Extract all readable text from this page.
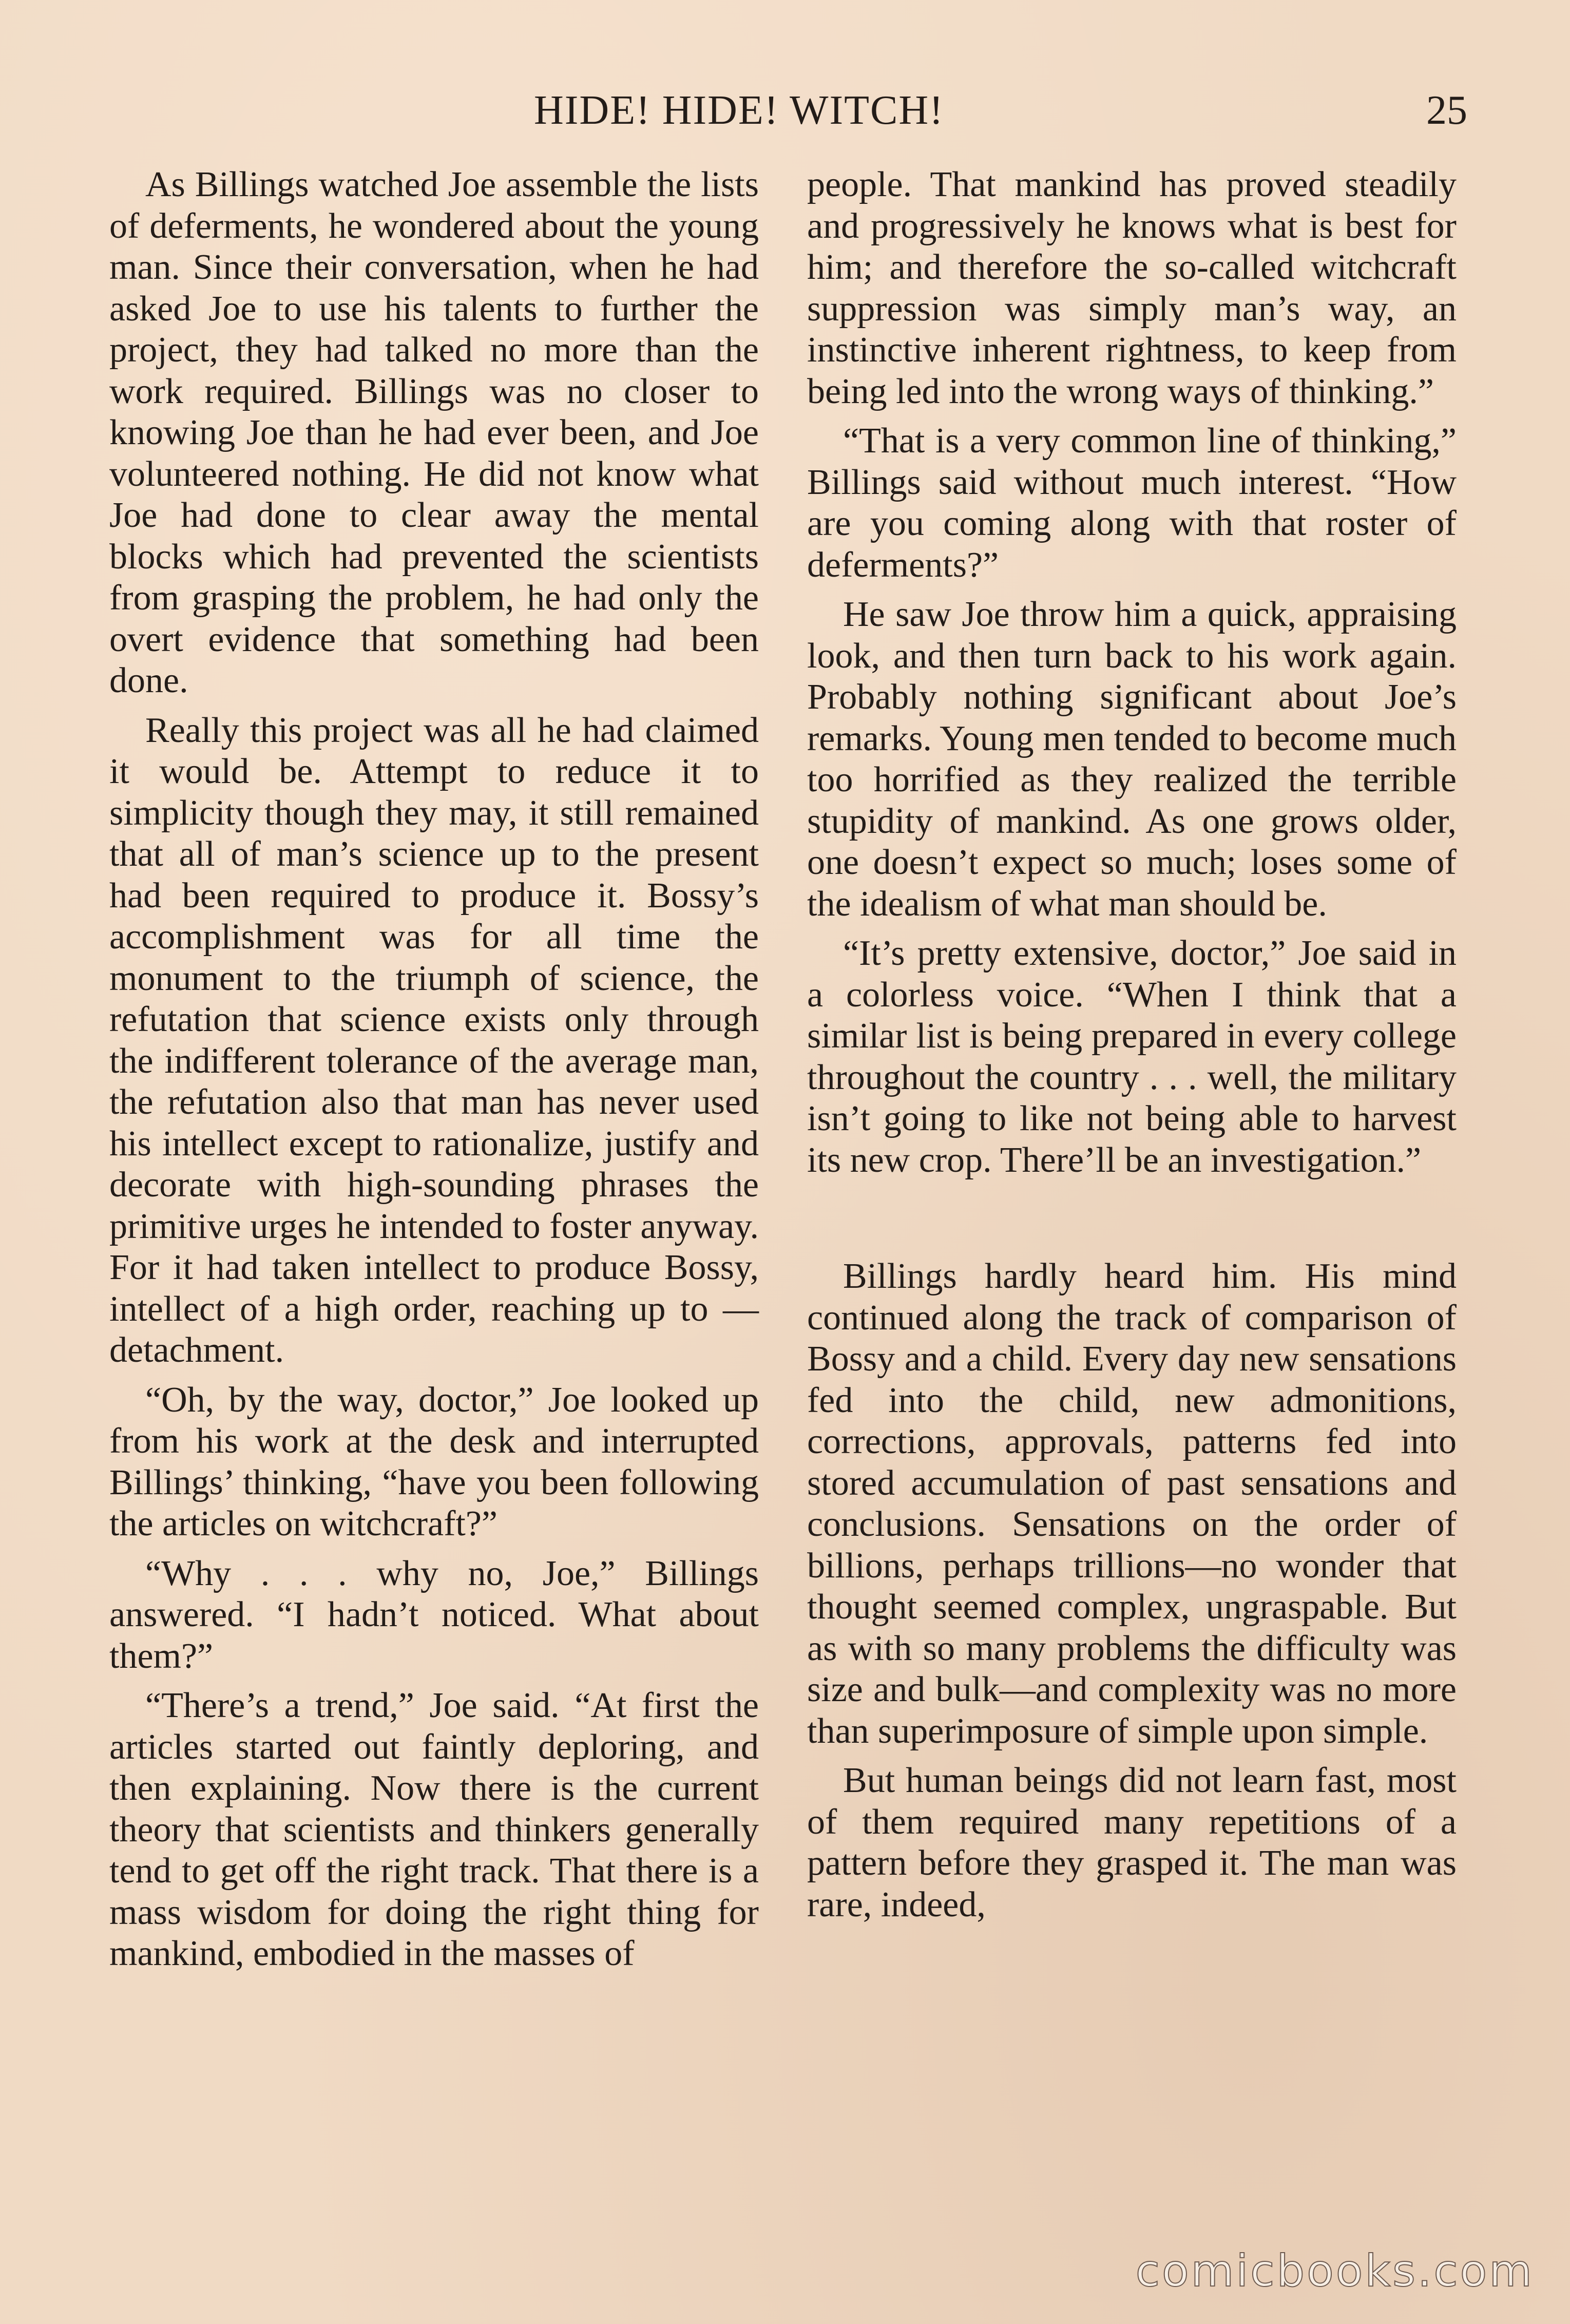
HIDE! HIDE! WITCH!	25

As Billings watched Joe assemble the lists of deferments, he wondered about the young man. Since their conversation, when he had asked Joe to use his talents to further the project, they had talked no more than the work required. Billings was no closer to knowing Joe than he had ever been, and Joe volunteered nothing. He did not know what Joe had done to clear away the mental blocks which had prevented the scientists from grasping the problem, he had only the overt evidence that something had been done.

Really this project was all he had claimed it would be. Attempt to reduce it to simplicity though they may, it still remained that all of man’s science up to the present had been required to produce it. Bossy’s accomplishment was for all time the monument to the triumph of science, the refutation that science exists only through the indifferent tolerance of the average man, the refutation also that man has never used his intellect except to rationalize, justify and decorate with high-sounding phrases the primitive urges he intended to foster anyway. For it had taken intellect to produce Bossy, intellect of a high order, reaching up to —detachment.

“Oh, by the way, doctor,” Joe looked up from his work at the desk and interrupted Billings’ thinking, “have you been following the articles on witchcraft?”

“Why . . . why no, Joe,” Billings answered. “I hadn’t noticed. What about them?”

“There’s a trend,” Joe said. “At first the articles started out faintly deploring, and then explaining. Now there is the current theory that scientists and thinkers generally tend to get off the right track. That there is a mass wisdom for doing the right thing for mankind, embodied in the masses of

people. That mankind has proved steadily and progressively he knows what is best for him; and therefore the so-called witchcraft suppression was simply man’s way, an instinctive inherent rightness, to keep from being led into the wrong ways of thinking.”

“That is a very common line of thinking,” Billings said without much interest. “How are you coming along with that roster of deferments?”

He saw Joe throw him a quick, appraising look, and then turn back to his work again. Probably nothing significant about Joe’s remarks. Young men tended to become much too horrified as they realized the terrible stupidity of mankind. As one grows older, one doesn’t expect so much; loses some of the idealism of what man should be.

“It’s pretty extensive, doctor,” Joe said in a colorless voice. “When I think that a similar list is being prepared in every college throughout the country . . . well, the military isn’t going to like not being able to harvest its new crop. There’ll be an investigation.”

Billings hardly heard him. His mind continued along the track of comparison of Bossy and a child. Every day new sensations fed into the child, new admonitions, corrections, approvals, patterns fed into stored accumulation of past sensations and conclusions. Sensations on the order of billions, perhaps trillions—no wonder that thought seemed complex, ungraspable. But as with so many problems the difficulty was size and bulk—and complexity was no more than superimposure of simple upon simple.

But human beings did not learn fast, most of them required many repetitions of a pattern before they grasped it. The man was rare, indeed,

comicbooks.com
